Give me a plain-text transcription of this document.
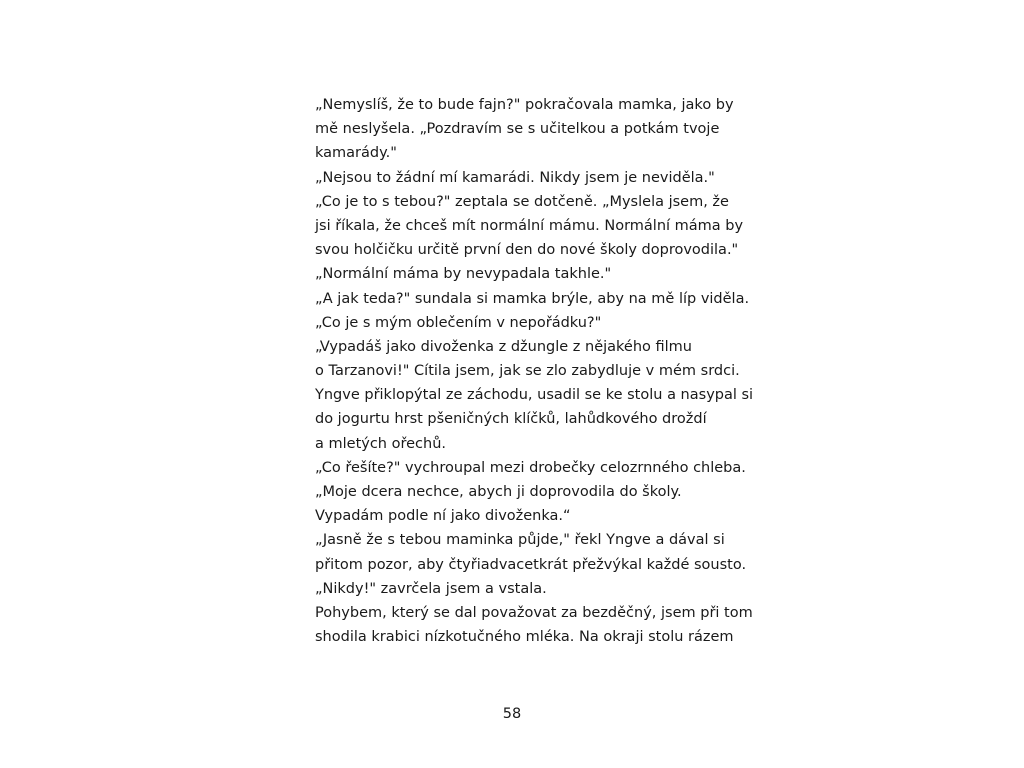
„Nemyslíš, že to bude fajn?" pokračovala mamka, jako by
mě neslyšela. „Pozdravím se s učitelkou a potkám tvoje
kamarády."
„Nejsou to žádní mí kamarádi. Nikdy jsem je neviděla."
„Co je to s tebou?" zeptala se dotčeně. „Myslela jsem, že
jsi říkala, že chceš mít normální mámu. Normální máma by
svou holčičku určitě první den do nové školy doprovodila."
„Normální máma by nevypadala takhle."
„A jak teda?" sundala si mamka brýle, aby na mě líp viděla.
„Co je s mým oblečením v nepořádku?"
„Vypadáš jako divoženka z džungle z nějakého filmu
o Tarzanovi!" Cítila jsem, jak se zlo zabydluje v mém srdci.
Yngve přiklopýtal ze záchodu, usadil se ke stolu a nasypal si
do jogurtu hrst pšeničných klíčků, lahůdkového droždí
a mletých ořechů.
„Co řešíte?" vychroupal mezi drobečky celozrnného chleba.
„Moje dcera nechce, abych ji doprovodila do školy.
Vypadám podle ní jako divoženka.“
„Jasně že s tebou maminka půjde," řekl Yngve a dával si
přitom pozor, aby čtyřiadvacetkrát přežvýkal každé sousto.
„Nikdy!" zavrčela jsem a vstala.
Pohybem, který se dal považovat za bezděčný, jsem při tom
shodila krabici nízkotučného mléka. Na okraji stolu rázem
58
